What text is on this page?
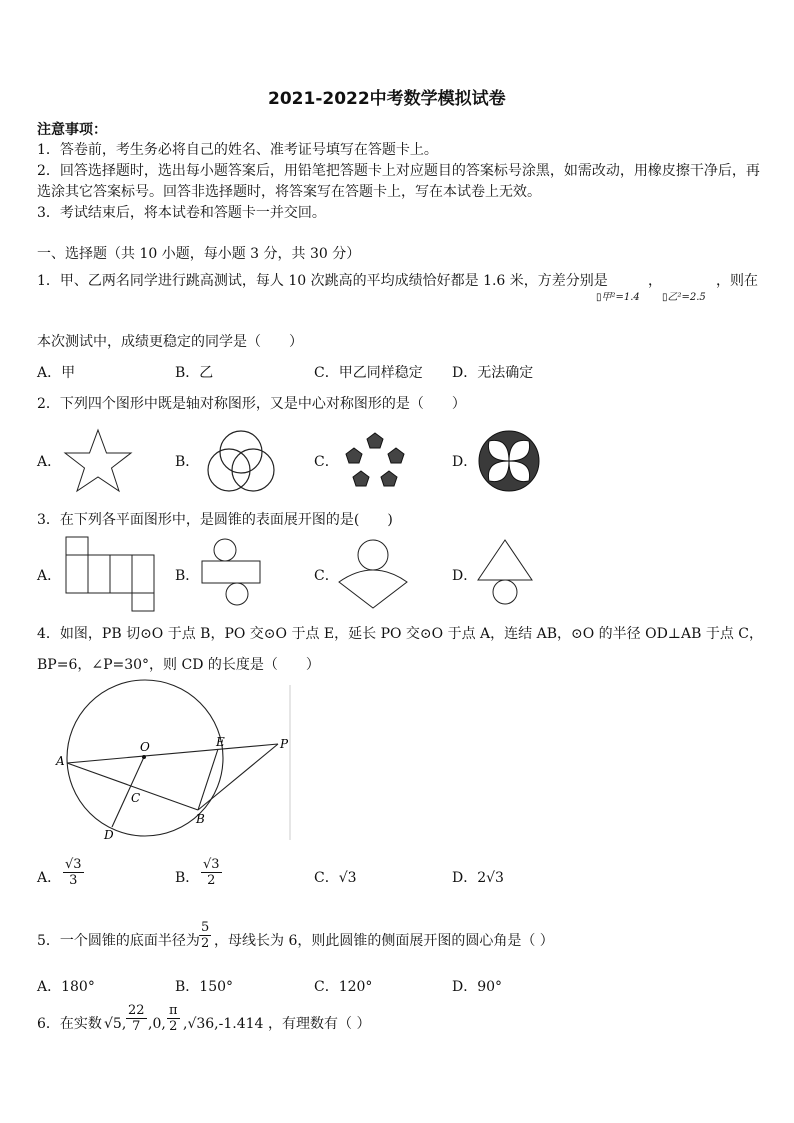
2021-2022中考数学模拟试卷
注意事项：
1．答卷前，考生务必将自己的姓名、准考证号填写在答题卡上。
2．回答选择题时，选出每小题答案后，用铅笔把答题卡上对应题目的答案标号涂黑，如需改动，用橡皮擦干净后，再
选涂其它答案标号。回答非选择题时，将答案写在答题卡上，写在本试卷上无效。
3．考试结束后，将本试卷和答题卡一并交回。
一、选择题（共 10 小题，每小题 3 分，共 30 分）
1．甲、乙两名同学进行跳高测试，每人 10 次跳高的平均成绩恰好都是 1.6 米，方差分别是	，	，则在
▯甲²=1.4 ▯乙²=2.5
本次测试中，成绩更稳定的同学是（　　）
A．甲	B．乙	C．甲乙同样稳定 D．无法确定
2．下列四个图形中既是轴对称图形，又是中心对称图形的是（　　）
A．	B．	C．	D．
3．在下列各平面图形中，是圆锥的表面展开图的是(　　)
A．	B．	C．	D．
4．如图，PB 切⊙O 于点 B，PO 交⊙O 于点 E，延长 PO 交⊙O 于点 A，连结 AB，⊙O 的半径 OD⊥AB 于点 C，
BP=6，∠P=30°，则 CD 的长度是（　　）
A
O	E	P
C
D
B
A． $\frac{√3}{3}$	B． $\frac{√3}{2}$	C．√3	D．2√3
5．一个圆锥的底面半径为 $\frac{5}{2}$ ，母线长为 6，则此圆锥的侧面展开图的圆心角是（ ）
A．180°	B．150°	C．120°	D．90°
6．在实数 √5, $\frac{22}{7} ,0$, $\frac{\pi}{2} ,√36,-1.414$ ，有理数有（ ）
